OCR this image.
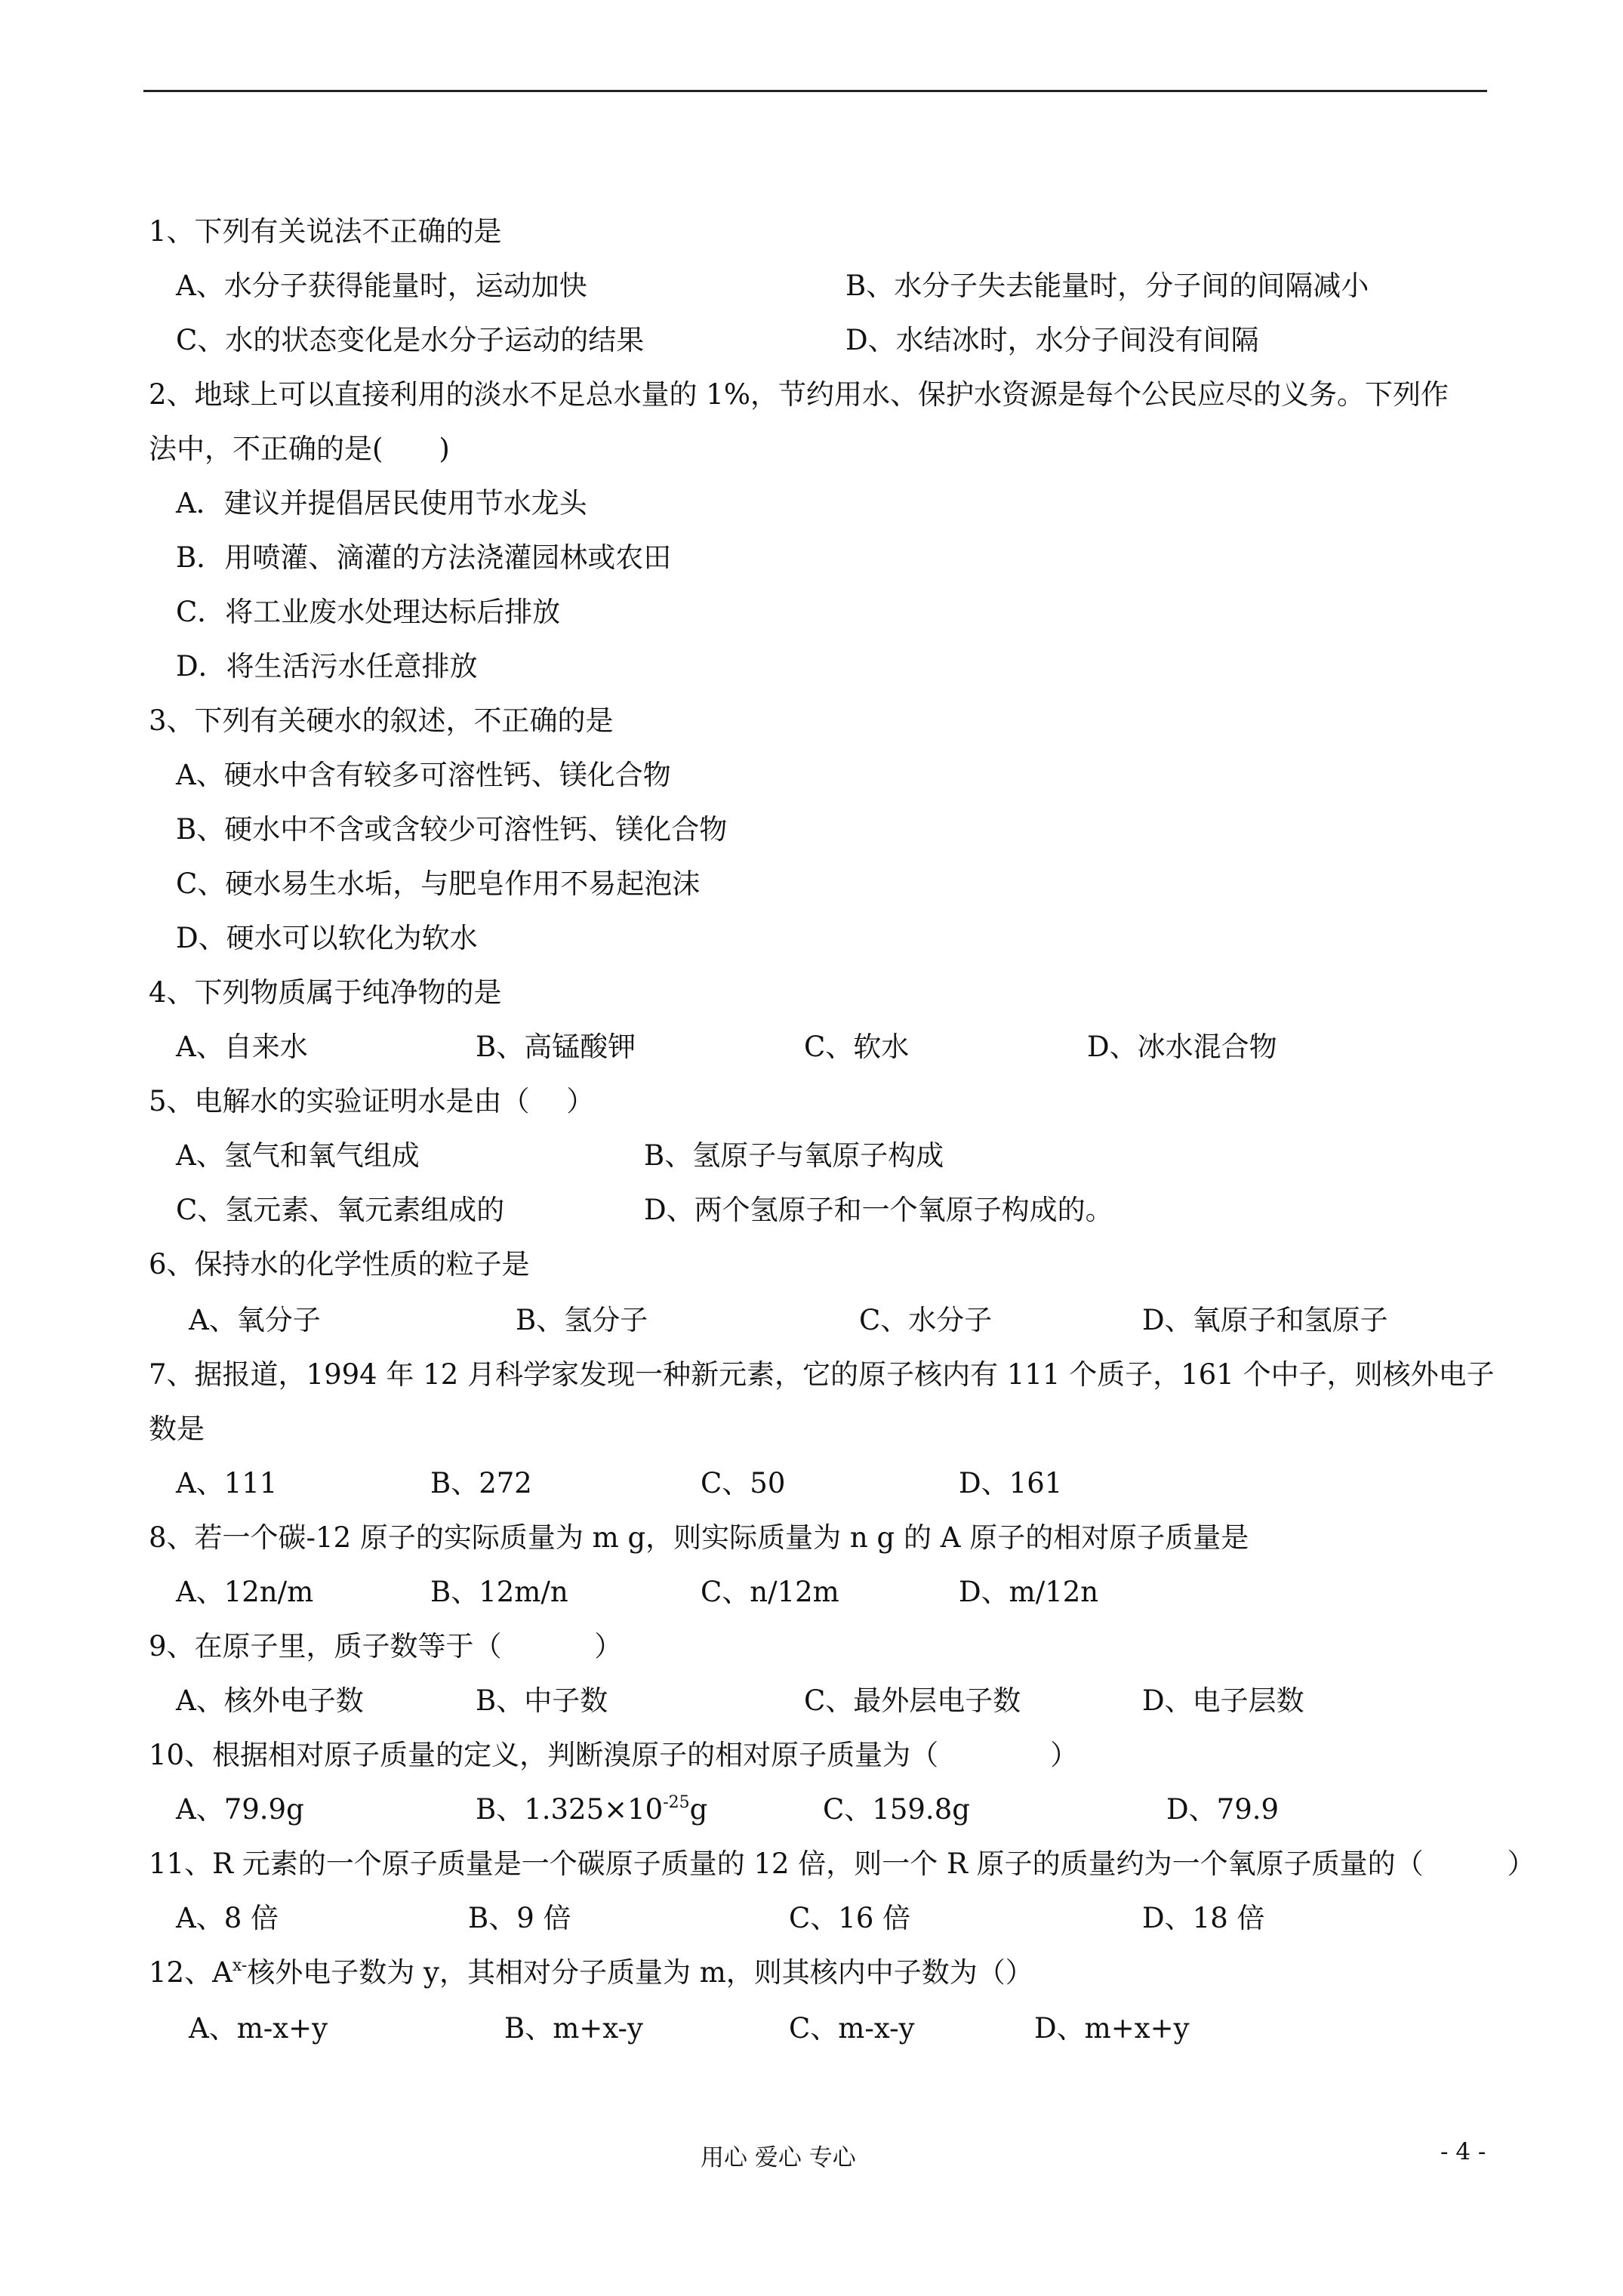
1、下列有关说法不正确的是
A、水分子获得能量时，运动加快	B、水分子失去能量时，分子间的间隔减小
C、水的状态变化是水分子运动的结果	D、水结冰时，水分子间没有间隔
2、地球上可以直接利用的淡水不足总水量的 1%，节约用水、保护水资源是每个公民应尽的义务。下列作
法中，不正确的是(　　)
A．建议并提倡居民使用节水龙头
B．用喷灌、滴灌的方法浇灌园林或农田
C．将工业废水处理达标后排放
D．将生活污水任意排放
3、下列有关硬水的叙述，不正确的是
A、硬水中含有较多可溶性钙、镁化合物
B、硬水中不含或含较少可溶性钙、镁化合物
C、硬水易生水垢，与肥皂作用不易起泡沫
D、硬水可以软化为软水
4、下列物质属于纯净物的是
A、自来水	B、高锰酸钾	C、软水	D、冰水混合物
5、电解水的实验证明水是由（　 ）
A、氢气和氧气组成	B、氢原子与氧原子构成
C、氢元素、氧元素组成的	D、两个氢原子和一个氧原子构成的。
6、保持水的化学性质的粒子是
A、氧分子	B、氢分子	C、水分子	D、氧原子和氢原子
7、据报道，1994 年 12 月科学家发现一种新元素，它的原子核内有 111 个质子，161 个中子，则核外电子
数是
A、111	B、272	C、50	D、161
8、若一个碳-12 原子的实际质量为 m g，则实际质量为 n g 的 A 原子的相对原子质量是
A、12n/m	B、12m/n	C、n/12m	D、m/12n
9、在原子里，质子数等于（　　　 ）
A、核外电子数	B、中子数	C、最外层电子数	D、电子层数
10、根据相对原子质量的定义，判断溴原子的相对原子质量为（　　　　）
A、79.9g	B、$1.325\times 10^{-25}g$	C、159.8g	D、79.9
11、R 元素的一个原子质量是一个碳原子质量的 12 倍，则一个 R 原子的质量约为一个氧原子质量的（　　　）
A、8 倍	B、9 倍	C、16 倍	D、18 倍
12、$A^{x-}$核外电子数为 y，其相对分子质量为 m，则其核内中子数为（）
A、m-x+y	B、m+x-y	C、m-x-y	D、m+x+y
用心 爱心 专心	- 4 -
